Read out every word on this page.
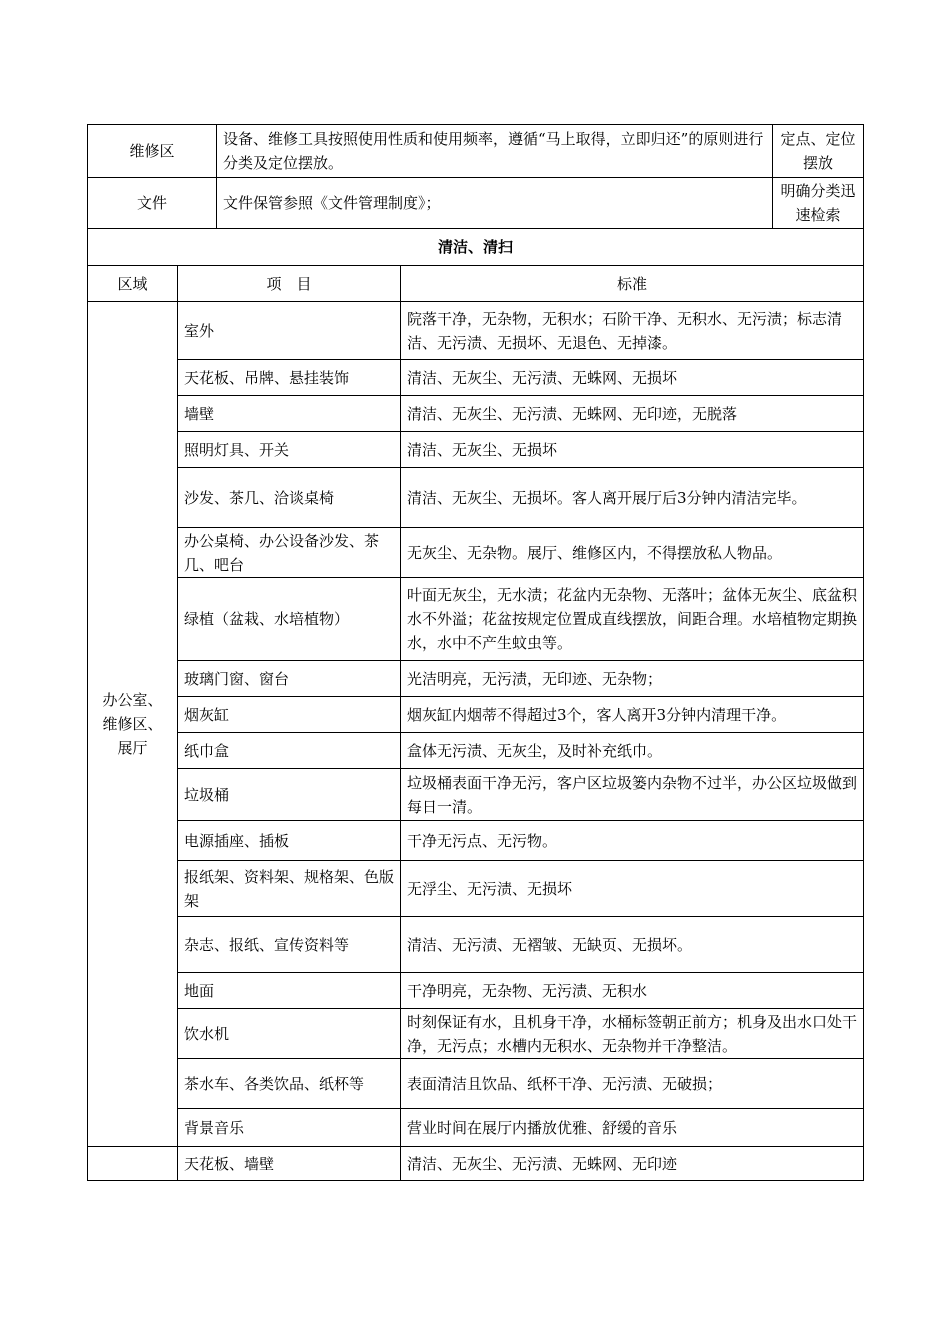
维修区	设备、维修工具按照使用性质和使用频率，遵循“马上取得，立即归还”的原则进行分类及定位摆放。	定点、定位摆放
文件	文件保管参照《文件管理制度》；	明确分类迅速检索
清洁、清扫		
区域	项　目	标准
办公室、维修区、展厅	室外	院落干净，无杂物，无积水；石阶干净、无积水、无污渍；标志清洁、无污渍、无损坏、无退色、无掉漆。
	天花板、吊牌、悬挂装饰	清洁、无灰尘、无污渍、无蛛网、无损坏
	墙壁	清洁、无灰尘、无污渍、无蛛网、无印迹，无脱落
	照明灯具、开关	清洁、无灰尘、无损坏
	沙发、茶几、洽谈桌椅	清洁、无灰尘、无损坏。客人离开展厅后3分钟内清洁完毕。
	办公桌椅、办公设备沙发、茶几、吧台	无灰尘、无杂物。展厅、维修区内，不得摆放私人物品。
	绿植（盆栽、水培植物）	叶面无灰尘，无水渍；花盆内无杂物、无落叶；盆体无灰尘、底盆积水不外溢；花盆按规定位置成直线摆放，间距合理。水培植物定期换水，水中不产生蚊虫等。
	玻璃门窗、窗台	光洁明亮，无污渍，无印迹、无杂物；
	烟灰缸	烟灰缸内烟蒂不得超过3个，客人离开3分钟内清理干净。
	纸巾盒	盒体无污渍、无灰尘，及时补充纸巾。
	垃圾桶	垃圾桶表面干净无污，客户区垃圾篓内杂物不过半，办公区垃圾做到每日一清。
	电源插座、插板	干净无污点、无污物。
	报纸架、资料架、规格架、色版架	无浮尘、无污渍、无损坏
	杂志、报纸、宣传资料等	清洁、无污渍、无褶皱、无缺页、无损坏。
	地面	干净明亮，无杂物、无污渍、无积水
	饮水机	时刻保证有水，且机身干净，水桶标签朝正前方；机身及出水口处干净，无污点；水槽内无积水、无杂物并干净整洁。
	茶水车、各类饮品、纸杯等	表面清洁且饮品、纸杯干净、无污渍、无破损；
	背景音乐	营业时间在展厅内播放优雅、舒缓的音乐
	天花板、墙壁	清洁、无灰尘、无污渍、无蛛网、无印迹
